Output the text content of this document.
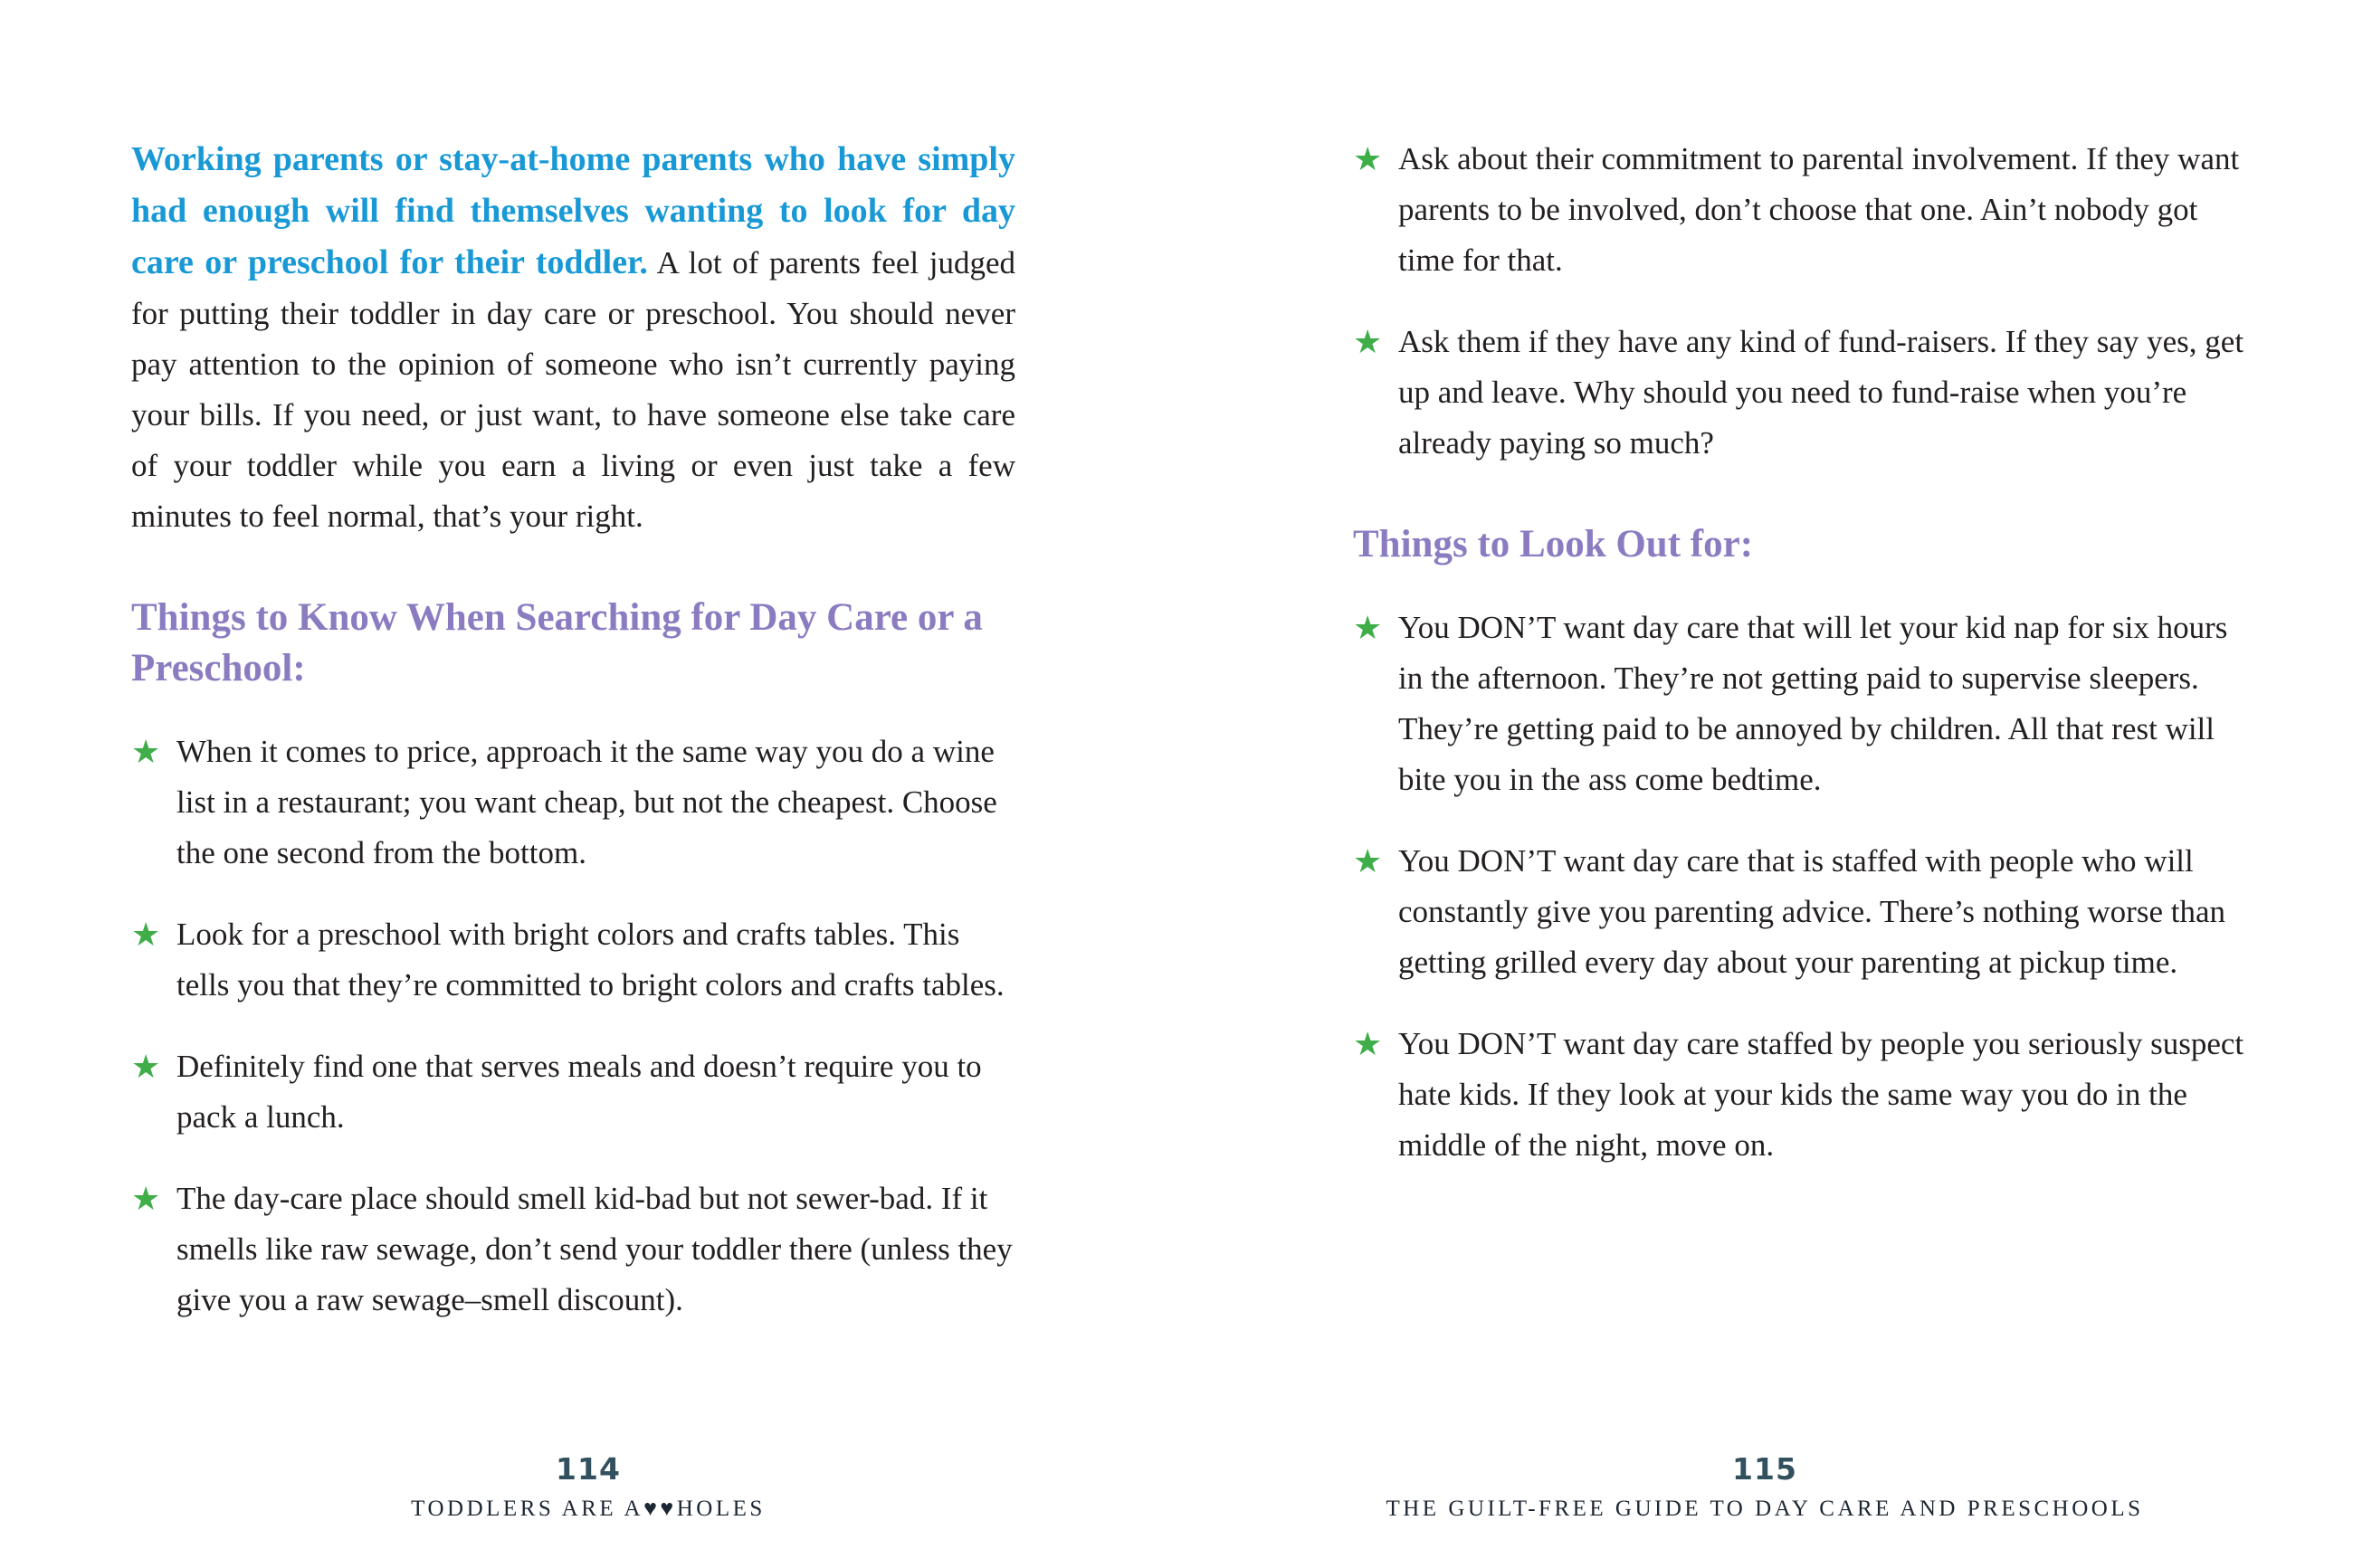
Working parents or stay-at-home parents who have simply had enough will find themselves wanting to look for day care or preschool for their toddler. A lot of parents feel judged for putting their toddler in day care or preschool. You should never pay attention to the opinion of someone who isn’t currently paying your bills. If you need, or just want, to have someone else take care of your toddler while you earn a living or even just take a few minutes to feel normal, that’s your right.

Things to Know When Searching for Day Care or a Preschool:
★ When it comes to price, approach it the same way you do a wine list in a restaurant; you want cheap, but not the cheapest. Choose the one second from the bottom.
★ Look for a preschool with bright colors and crafts tables. This tells you that they’re committed to bright colors and crafts tables.
★ Definitely find one that serves meals and doesn’t require you to pack a lunch.
★ The day-care place should smell kid-bad but not sewer-bad. If it smells like raw sewage, don’t send your toddler there (unless they give you a raw sewage–smell discount).
114
TODDLERS ARE A♥♥HOLES
★ Ask about their commitment to parental involvement. If they want parents to be involved, don’t choose that one. Ain’t nobody got time for that.
★ Ask them if they have any kind of fund-raisers. If they say yes, get up and leave. Why should you need to fund-raise when you’re already paying so much?
Things to Look Out for:
★ You DON’T want day care that will let your kid nap for six hours in the afternoon. They’re not getting paid to supervise sleepers. They’re getting paid to be annoyed by children. All that rest will bite you in the ass come bedtime.
★ You DON’T want day care that is staffed with people who will constantly give you parenting advice. There’s nothing worse than getting grilled every day about your parenting at pickup time.
★ You DON’T want day care staffed by people you seriously suspect hate kids. If they look at your kids the same way you do in the middle of the night, move on.
115
THE GUILT-FREE GUIDE TO DAY CARE AND PRESCHOOLS
